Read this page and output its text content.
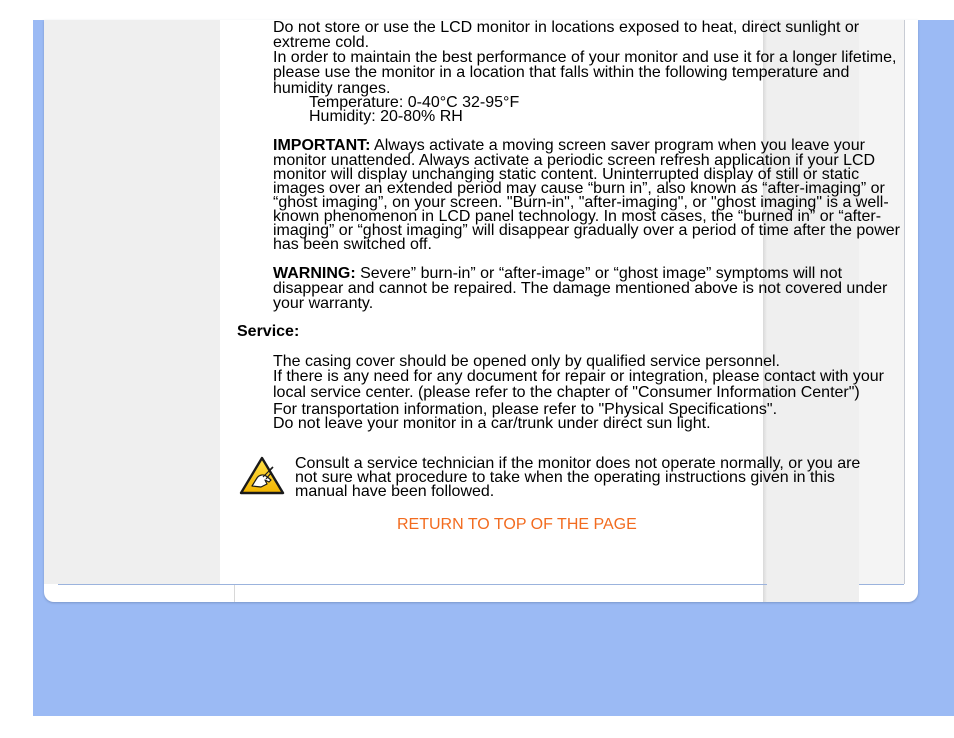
Do not store or use the LCD monitor in locations exposed to heat, direct sunlight or

extreme cold.

In order to maintain the best performance of your monitor and use it for a longer lifetime,

please use the monitor in a location that falls within the following temperature and

humidity ranges.

Temperature: 0-40°C 32-95°F

Humidity: 20-80% RH

IMPORTANT: Always activate a moving screen saver program when you leave your

monitor unattended. Always activate a periodic screen refresh application if your LCD

monitor will display unchanging static content. Uninterrupted display of still or static

images over an extended period may cause “burn in”, also known as “after-imaging” or

“ghost imaging”, on your screen. "Burn-in", "after-imaging", or "ghost imaging" is a well-

known phenomenon in LCD panel technology. In most cases, the “burned in” or “after-

imaging” or “ghost imaging” will disappear gradually over a period of time after the power

has been switched off.

WARNING: Severe” burn-in” or “after-image” or “ghost image” symptoms will not

disappear and cannot be repaired. The damage mentioned above is not covered under

your warranty.

Service:

The casing cover should be opened only by qualified service personnel.

If there is any need for any document for repair or integration, please contact with your

local service center. (please refer to the chapter of "Consumer Information Center")

For transportation information, please refer to "Physical Specifications".

Do not leave your monitor in a car/trunk under direct sun light.

Consult a service technician if the monitor does not operate normally, or you are

not sure what procedure to take when the operating instructions given in this

manual have been followed.

RETURN TO TOP OF THE PAGE
